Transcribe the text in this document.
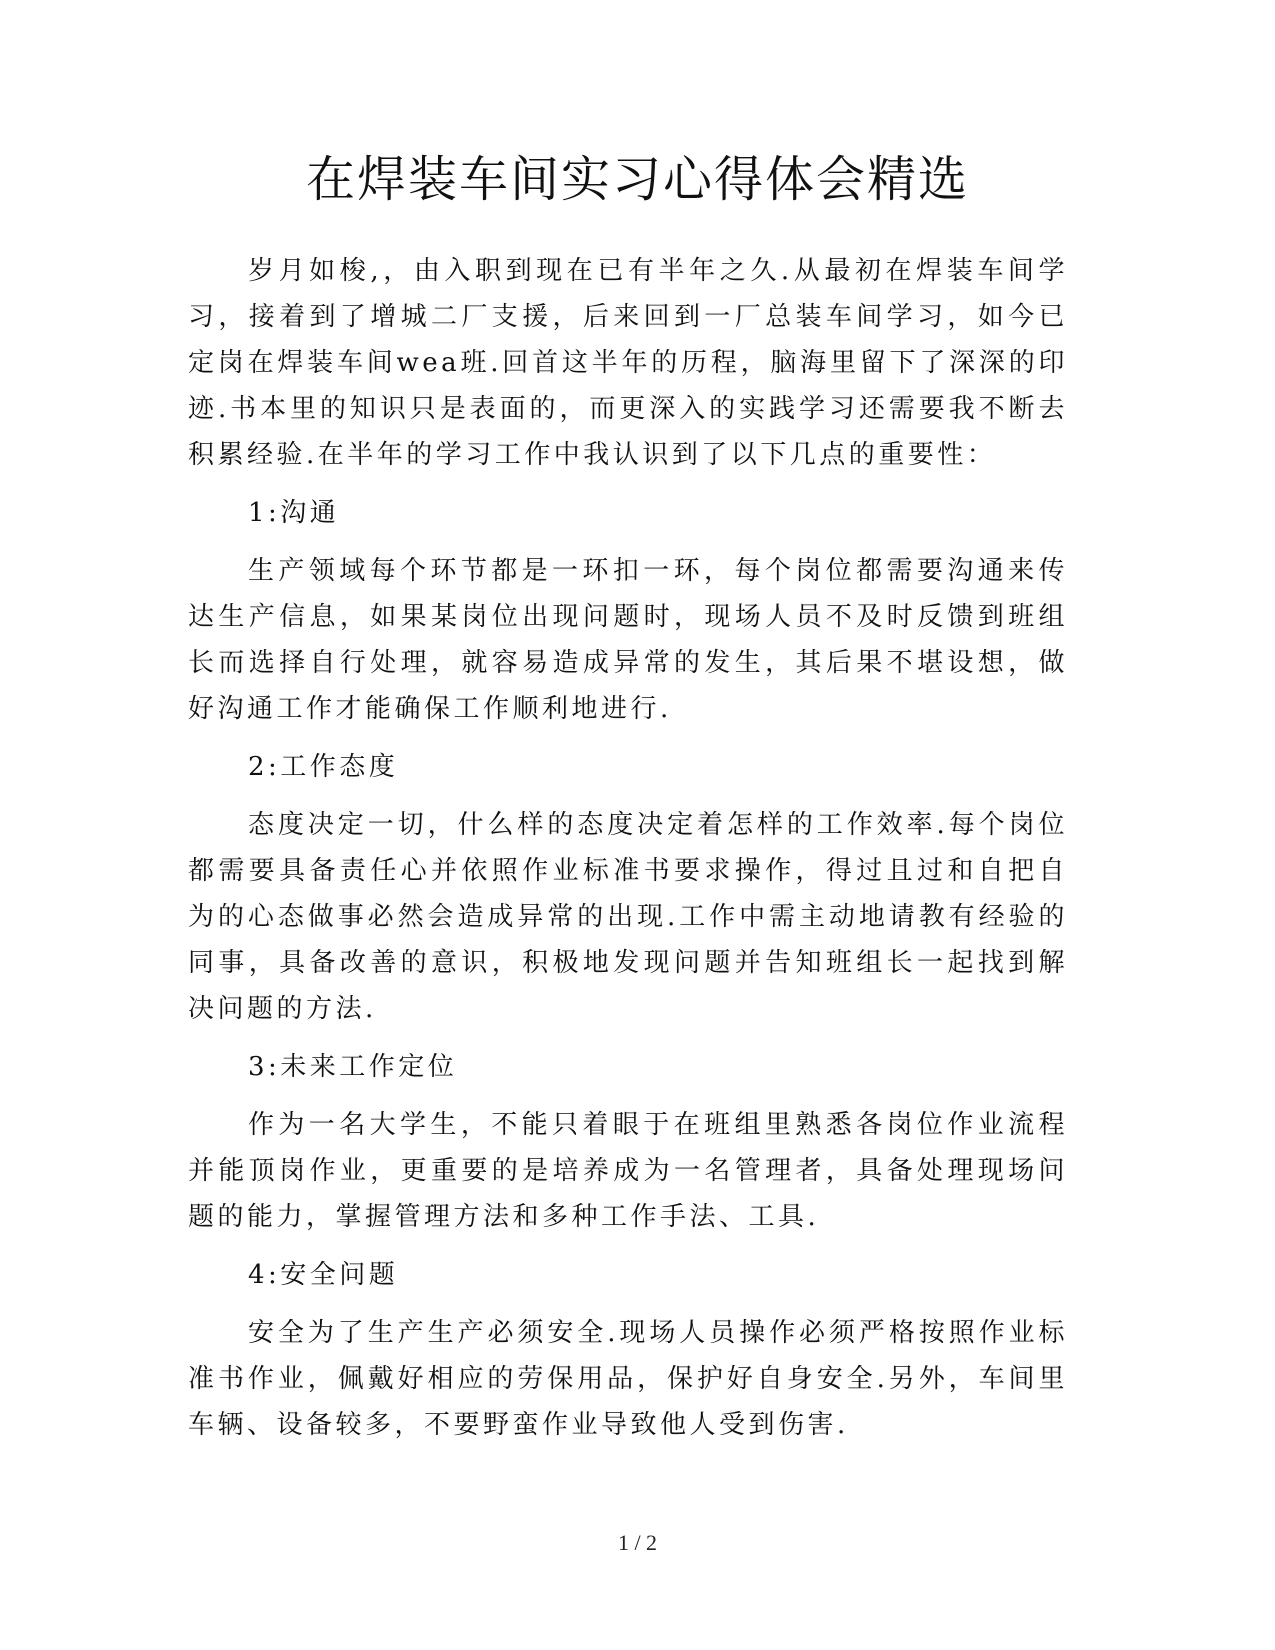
在焊装车间实习心得体会精选

岁月如梭,，由入职到现在已有半年之久.从最初在焊装车间学习，接着到了增城二厂支援，后来回到一厂总装车间学习，如今已定岗在焊装车间wea班.回首这半年的历程，脑海里留下了深深的印迹.书本里的知识只是表面的，而更深入的实践学习还需要我不断去积累经验.在半年的学习工作中我认识到了以下几点的重要性：

1:沟通

生产领域每个环节都是一环扣一环，每个岗位都需要沟通来传达生产信息，如果某岗位出现问题时，现场人员不及时反馈到班组长而选择自行处理，就容易造成异常的发生，其后果不堪设想，做好沟通工作才能确保工作顺利地进行.

2:工作态度

态度决定一切，什么样的态度决定着怎样的工作效率.每个岗位都需要具备责任心并依照作业标准书要求操作，得过且过和自把自为的心态做事必然会造成异常的出现.工作中需主动地请教有经验的同事，具备改善的意识，积极地发现问题并告知班组长一起找到解决问题的方法.

3:未来工作定位

作为一名大学生，不能只着眼于在班组里熟悉各岗位作业流程并能顶岗作业，更重要的是培养成为一名管理者，具备处理现场问题的能力，掌握管理方法和多种工作手法、工具.

4:安全问题

安全为了生产生产必须安全.现场人员操作必须严格按照作业标准书作业，佩戴好相应的劳保用品，保护好自身安全.另外，车间里车辆、设备较多，不要野蛮作业导致他人受到伤害.

1 / 2
